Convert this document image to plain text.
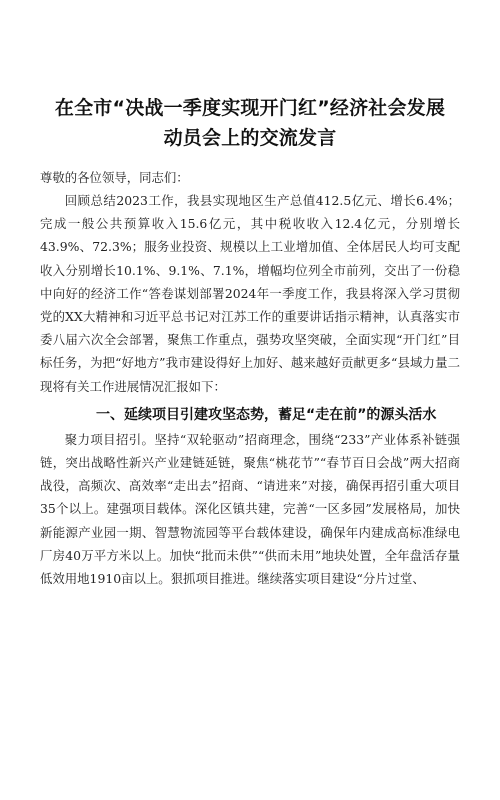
在全市“决战一季度实现开门红”经济社会发展
动员会上的交流发言
尊敬的各位领导，同志们：

回顾总结2023工作，我县实现地区生产总值412.5亿元、增长6.4%；完成一般公共预算收入15.6亿元，其中税收收入12.4亿元，分别增长43.9%、72.3%；服务业投资、规模以上工业增加值、全体居民人均可支配收入分别增长10.1%、9.1%、7.1%，增幅均位列全市前列，交出了一份稳中向好的经济工作“答卷谋划部署2024年一季度工作，我县将深入学习贯彻党的XX大精神和习近平总书记对江苏工作的重要讲话指示精神，认真落实市委八届六次全会部署，聚焦工作重点，强势攻坚突破，全面实现“开门红”目标任务，为把“好地方”我市建设得好上加好、越来越好贡献更多“县域力量二现将有关工作进展情况汇报如下：

一、延续项目引建攻坚态势，蓄足“走在前”的源头活水

聚力项目招引。坚持“双轮驱动”招商理念，围绕“233”产业体系补链强链，突出战略性新兴产业建链延链，聚焦“桃花节”“春节百日会战”两大招商战役，高频次、高效率“走出去”招商、“请进来”对接，确保再招引重大项目35个以上。建强项目载体。深化区镇共建，完善“一区多园”发展格局，加快新能源产业园一期、智慧物流园等平台载体建设，确保年内建成高标准绿电厂房40万平方米以上。加快“批而未供”“供而未用”地块处置，全年盘活存量低效用地1910亩以上。狠抓项目推进。继续落实项目建设“分片过堂、
